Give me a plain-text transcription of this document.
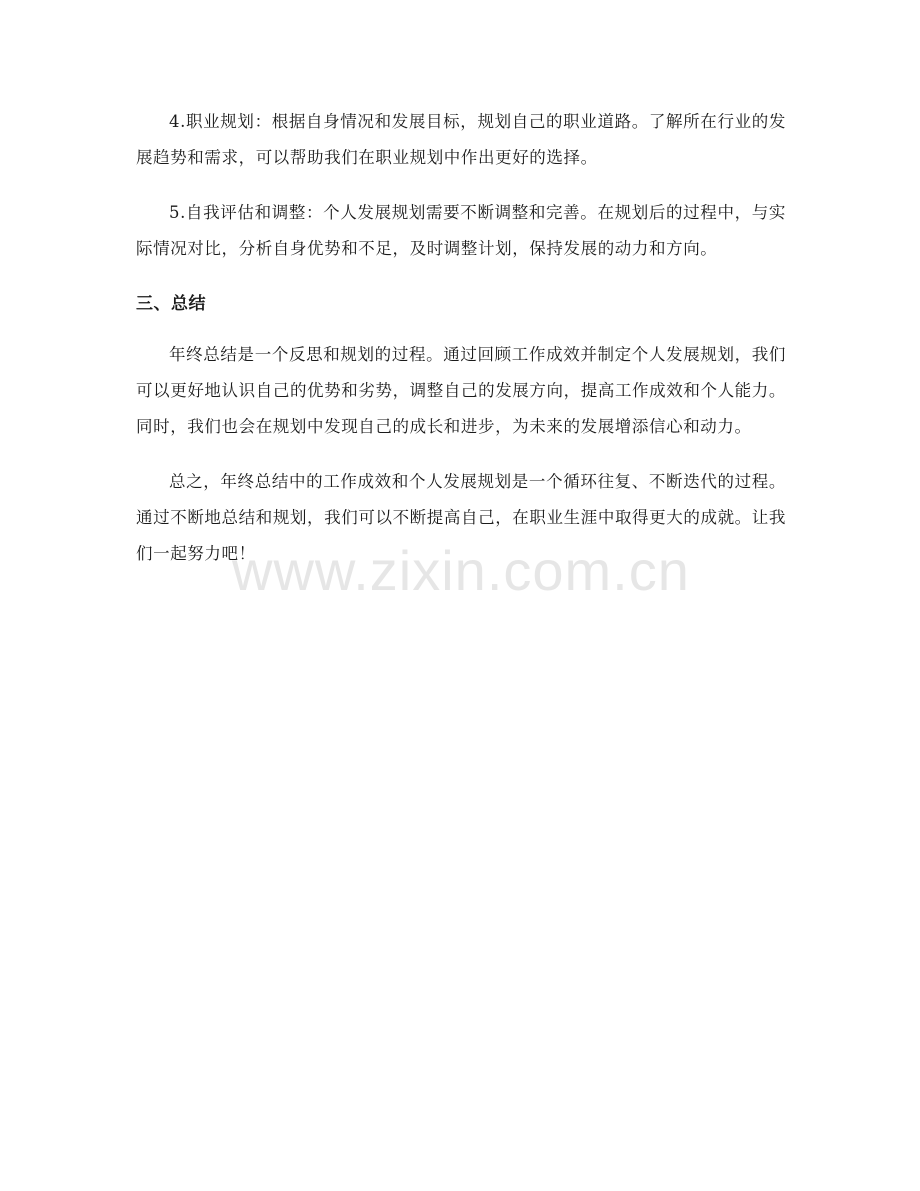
4.职业规划：根据自身情况和发展目标，规划自己的职业道路。了解所在行业的发展趋势和需求，可以帮助我们在职业规划中作出更好的选择。

5.自我评估和调整：个人发展规划需要不断调整和完善。在规划后的过程中，与实际情况对比，分析自身优势和不足，及时调整计划，保持发展的动力和方向。

三、总结

年终总结是一个反思和规划的过程。通过回顾工作成效并制定个人发展规划，我们可以更好地认识自己的优势和劣势，调整自己的发展方向，提高工作成效和个人能力。同时，我们也会在规划中发现自己的成长和进步，为未来的发展增添信心和动力。

总之，年终总结中的工作成效和个人发展规划是一个循环往复、不断迭代的过程。通过不断地总结和规划，我们可以不断提高自己，在职业生涯中取得更大的成就。让我们一起努力吧！

www.zixin.com.cn
